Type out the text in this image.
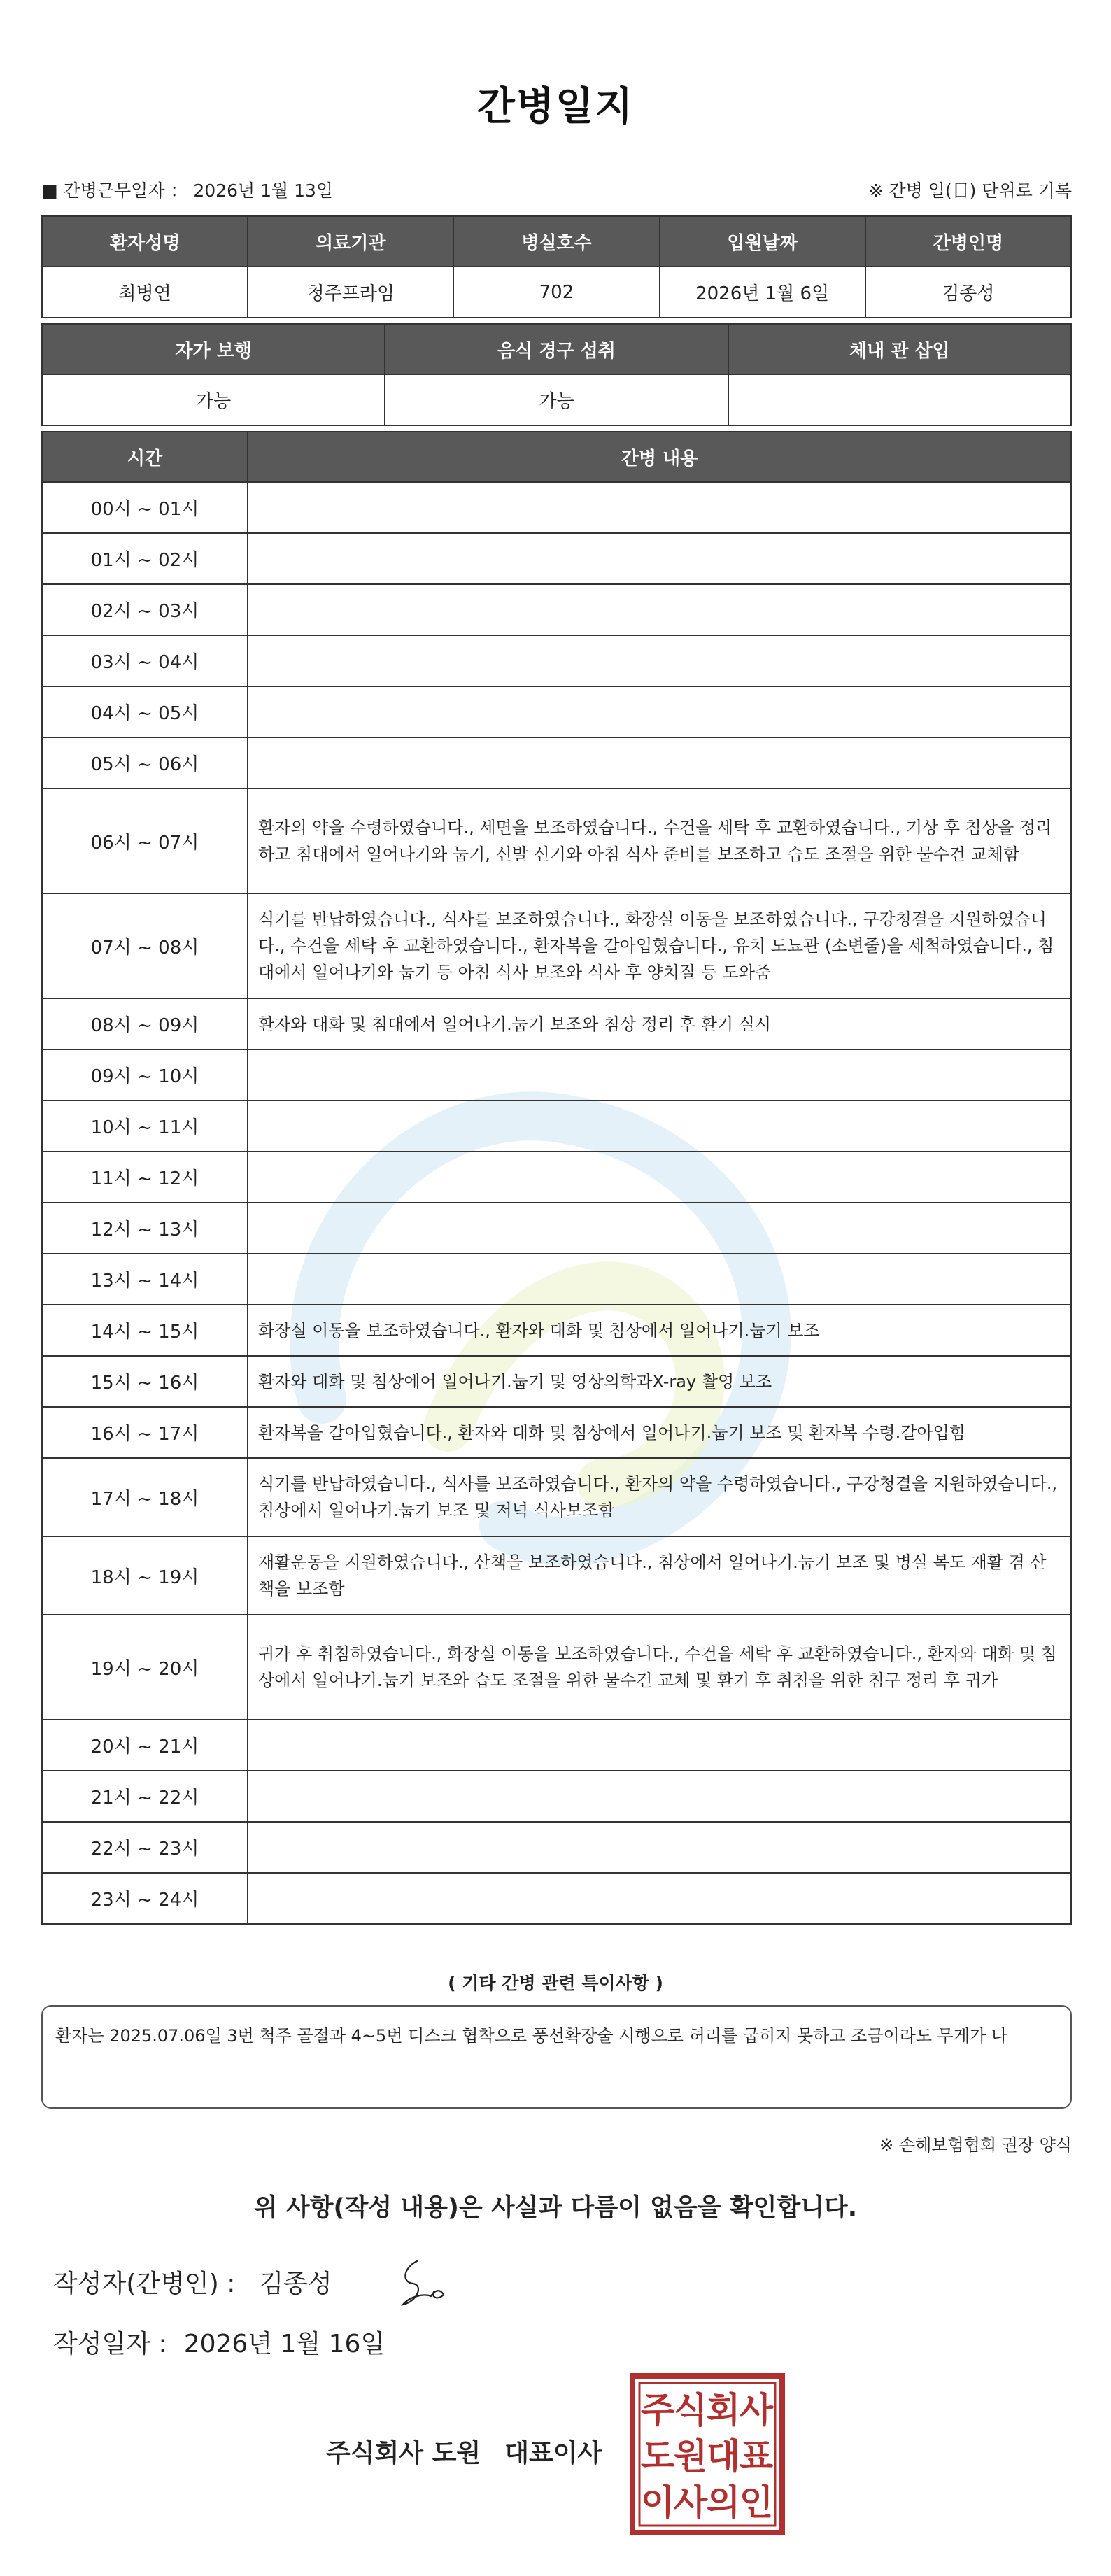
간병일지
■ 간병근무일자 ： 2026년 1월 13일	※ 간병 일(日) 단위로 기록
환자성명	의료기관	병실호수	입원날짜	간병인명
최병연	청주프라임	702	2026년 1월 6일	김종성
자가 보행	음식 경구 섭취	체내 관 삽입
가능	가능	
시간	간병 내용
00시 ~ 01시	
01시 ~ 02시	
02시 ~ 03시	
03시 ~ 04시	
04시 ~ 05시	
05시 ~ 06시	
06시 ~ 07시	환자의 약을 수령하였습니다., 세면을 보조하였습니다., 수건을 세탁 후 교환하였습니다., 기상 후 침상을 정리하고 침대에서 일어나기와 눕기, 신발 신기와 아침 식사 준비를 보조하고 습도 조절을 위한 물수건 교체함
07시 ~ 08시	식기를 반납하였습니다., 식사를 보조하였습니다., 화장실 이동을 보조하였습니다., 구강청결을 지원하였습니다., 수건을 세탁 후 교환하였습니다., 환자복을 갈아입혔습니다., 유치 도뇨관 (소변줄)을 세척하였습니다., 침대에서 일어나기와 눕기 등 아침 식사 보조와 식사 후 양치질 등 도와줌
08시 ~ 09시	환자와 대화 및 침대에서 일어나기.눕기 보조와 침상 정리 후 환기 실시
09시 ~ 10시	
10시 ~ 11시	
11시 ~ 12시	
12시 ~ 13시	
13시 ~ 14시	
14시 ~ 15시	화장실 이동을 보조하였습니다., 환자와 대화 및 침상에서 일어나기.눕기 보조
15시 ~ 16시	환자와 대화 및 침상에어 일어나기.눕기 및 영상의학과X-ray 촬영 보조
16시 ~ 17시	환자복을 갈아입혔습니다., 환자와 대화 및 침상에서 일어나기.눕기 보조 및 환자복 수령.갈아입힘
17시 ~ 18시	식기를 반납하였습니다., 식사를 보조하였습니다., 환자의 약을 수령하였습니다., 구강청결을 지원하였습니다., 침상에서 일어나기.눕기 보조 및 저녁 식사보조함
18시 ~ 19시	재활운동을 지원하였습니다., 산책을 보조하였습니다., 침상에서 일어나기.눕기 보조 및 병실 복도 재활 겸 산책을 보조함
19시 ~ 20시	귀가 후 취침하였습니다., 화장실 이동을 보조하였습니다., 수건을 세탁 후 교환하였습니다., 환자와 대화 및 침상에서 일어나기.눕기 보조와 습도 조절을 위한 물수건 교체 및 환기 후 취침을 위한 침구 정리 후 귀가
20시 ~ 21시	
21시 ~ 22시	
22시 ~ 23시	
23시 ~ 24시	
( 기타 간병 관련 특이사항 )
환자는 2025.07.06일 3번 척주 골절과 4~5번 디스크 협착으로 풍선확장술 시행으로 허리를 굽히지 못하고 조금이라도 무게가 나
※ 손해보험협회 권장 양식
위 사항(작성 내용)은 사실과 다름이 없음을 확인합니다.
작성자(간병인) : 김종성
작성일자 : 2026년 1월 16일
주식회사 도원 대표이사
주
식
회
사
도
원
대
표
이
사
의
인
